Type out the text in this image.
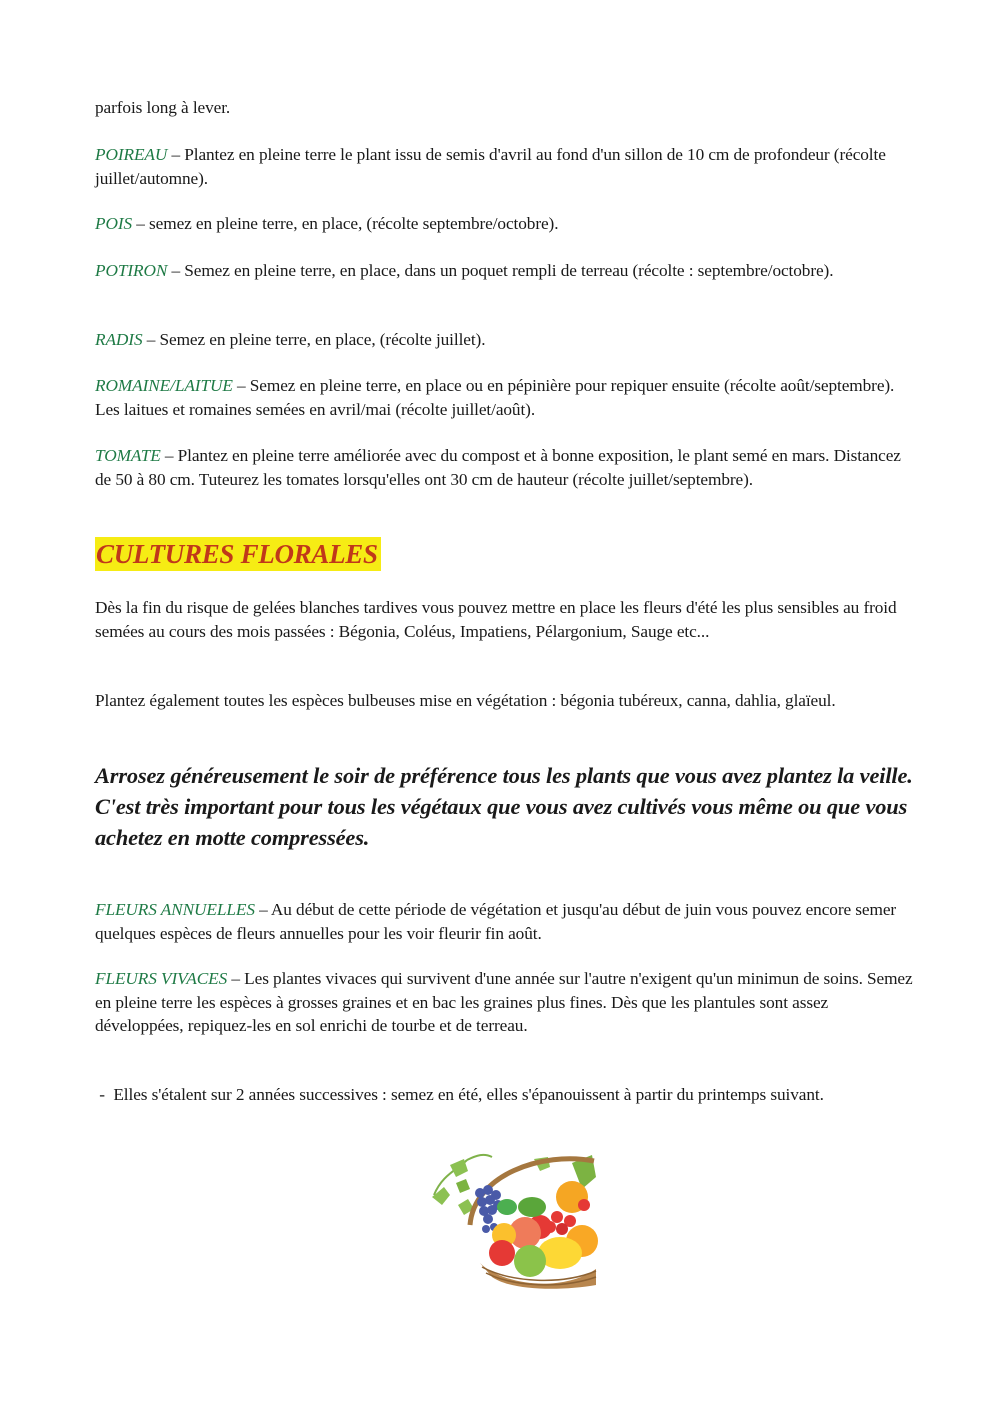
parfois long à lever.

POIREAU – Plantez en pleine terre le plant issu de semis d'avril au fond d'un sillon de 10 cm de profondeur (récolte juillet/automne).

POIS – semez en pleine terre, en place, (récolte septembre/octobre).

POTIRON – Semez en pleine terre, en place, dans un poquet rempli de terreau (récolte : septembre/octobre).

RADIS – Semez en pleine terre, en place, (récolte juillet).

ROMAINE/LAITUE – Semez en pleine terre, en place ou en pépinière pour repiquer ensuite (récolte août/septembre). Les laitues et romaines semées en avril/mai (récolte juillet/août).

TOMATE – Plantez en pleine terre améliorée avec du compost et à bonne exposition, le plant semé en mars. Distancez de 50 à 80 cm. Tuteurez les tomates lorsqu'elles ont 30 cm de hauteur (récolte juillet/septembre).

CULTURES FLORALES

Dès la fin du risque de gelées blanches tardives vous pouvez mettre en place les fleurs d'été les plus sensibles au froid semées au cours des mois passées : Bégonia, Coléus, Impatiens, Pélargonium, Sauge etc...

Plantez également toutes les espèces bulbeuses mise en végétation : bégonia tubéreux, canna, dahlia, glaïeul.

Arrosez généreusement le soir de préférence tous les plants que vous avez plantez la veille. C'est très important pour tous les végétaux que vous avez cultivés vous même ou que vous achetez en motte compressées.

FLEURS ANNUELLES – Au début de cette période de végétation et jusqu'au début de juin vous pouvez encore semer quelques espèces de fleurs annuelles pour les voir fleurir fin août.

FLEURS VIVACES – Les plantes vivaces qui survivent d'une année sur l'autre n'exigent qu'un minimun de soins. Semez en pleine terre les espèces à grosses graines et en bac les graines plus fines. Dès que les plantules sont assez développées, repiquez-les en sol enrichi de tourbe et de terreau.

-  Elles s'étalent sur 2 années successives : semez en été, elles s'épanouissent à partir du printemps suivant.
